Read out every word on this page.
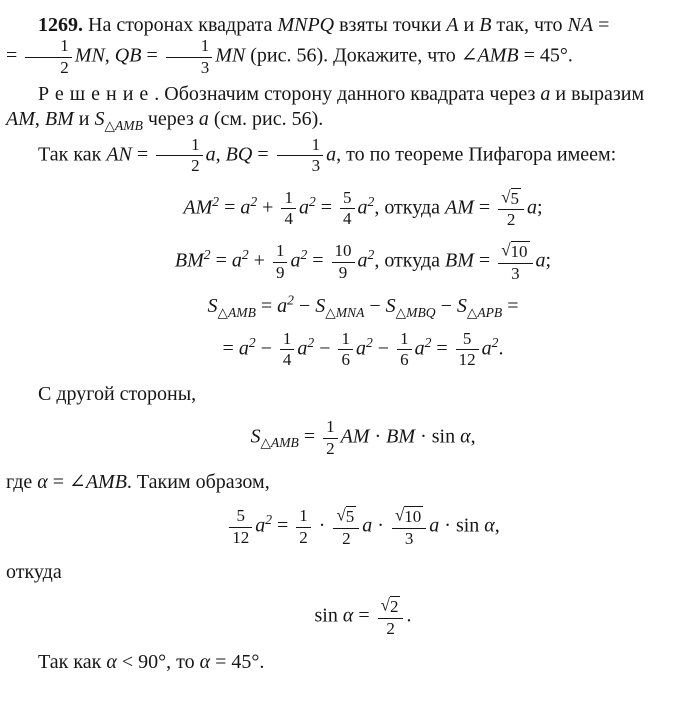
1269. На сторонах квадрата MNPQ взяты точки A и B так, что NA =
= $\frac{1}{2}$ MN, QB = $\frac{1}{3}$ MN (рис. 56). Докажите, что ∠AMB = 45°.
Решение. Обозначим сторону данного квадрата через a и выразим
AM, BM и $S_{\triangle AMB}$ через a (см. рис. 56).
Так как AN = $\frac{1}{2} a$, BQ = $\frac{1}{3} a$, то по теореме Пифагора имеем:
$AM^2 = a^2 + \frac{1}{4} a^2 = \frac{5}{4} a^2$, откуда AM = $\frac{√5}{2} a$;
$BM^2 = a^2 + \frac{1}{9} a^2 = \frac{10}{9} a^2$, откуда BM = $\frac{√10}{3} a$;
$S_{\triangle AMB} = a^2 - S_{\triangle MNA} - S_{\triangle MBQ} - S_{\triangle APB}$ =
= $a^2 - \frac{1}{4} a^2 - \frac{1}{6} a^2 - \frac{1}{6} a^2 = \frac{5}{12} a^2$.
С другой стороны,
$S_{\triangle AMB} = \frac{1}{2}$ AM · BM · sin α,
где α = ∠AMB. Таким образом,
$\frac{5}{12} a^2 = \frac{1}{2} \cdot \frac{√5}{2}$ $a \cdot \frac{√10}{3}$ a · sin α,
откуда
$\sin \alpha = \frac{√2}{2}$ .
Так как α < 90°, то α = 45°.
